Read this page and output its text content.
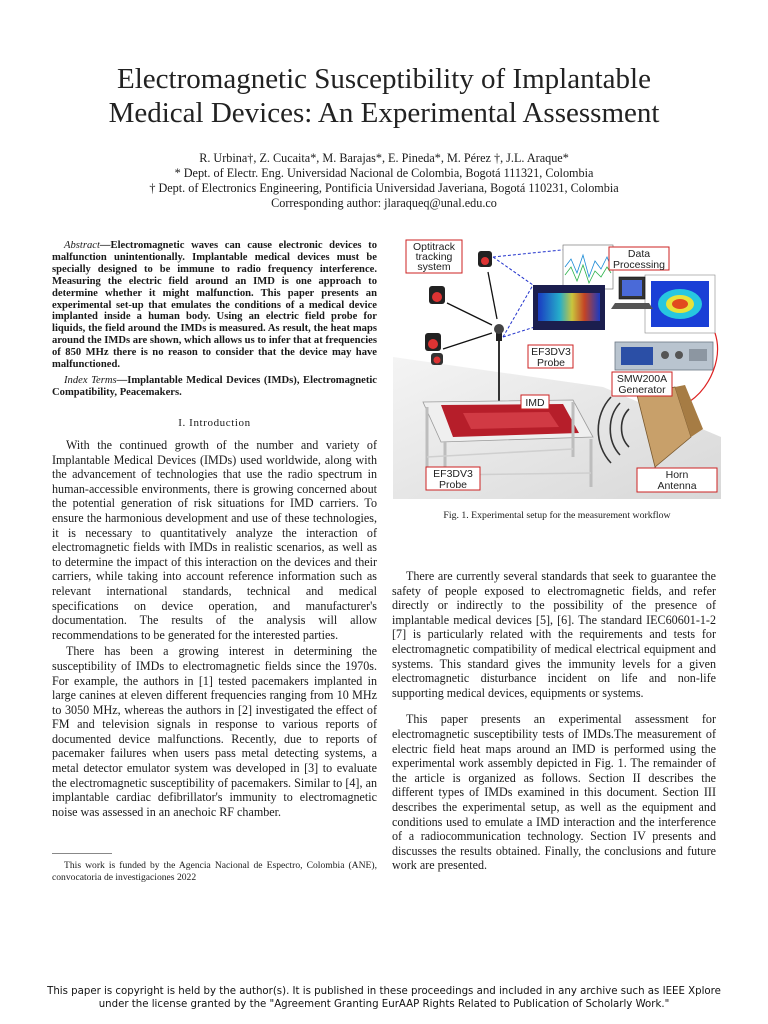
Electromagnetic Susceptibility of Implantable
Medical Devices: An Experimental Assessment
R. Urbina†, Z. Cucaita*, M. Barajas*, E. Pineda*, M. Pérez †, J.L. Araque*
* Dept. of Electr. Eng. Universidad Nacional de Colombia, Bogotá 111321, Colombia
† Dept. of Electronics Engineering, Pontificia Universidad Javeriana, Bogotá 110231, Colombia
Corresponding author: jlaraqueq@unal.edu.co
Abstract—Electromagnetic waves can cause electronic devices to malfunction unintentionally. Implantable medical devices must be specially designed to be immune to radio frequency interference. Measuring the electric field around an IMD is one approach to determine whether it might malfunction. This paper presents an experimental set-up that emulates the conditions of a medical device implanted inside a human body. Using an electric field probe for liquids, the field around the IMDs is measured. As result, the heat maps around the IMDs are shown, which allows us to infer that at frequencies of 850 MHz there is no reason to consider that the device may have malfunctioned.
Index Terms—Implantable Medical Devices (IMDs), Electromagnetic Compatibility, Peacemakers.
I. Introduction

With the continued growth of the number and variety of Implantable Medical Devices (IMDs) used worldwide, along with the advancement of technologies that use the radio spectrum in human-accessible environments, there is growing concerned about the potential generation of risk situations for IMD carriers. To ensure the harmonious development and use of these technologies, it is necessary to quantitatively analyze the interaction of electromagnetic fields with IMDs in realistic scenarios, as well as to determine the impact of this interaction on the devices and their carriers, while taking into account reference information such as relevant international standards, technical and medical specifications on device operation, and manufacturer's documentation. The results of the analysis will allow recommendations to be generated for the interested parties.

There has been a growing interest in determining the susceptibility of IMDs to electromagnetic fields since the 1970s. For example, the authors in [1] tested pacemakers implanted in large canines at eleven different frequencies ranging from 10 MHz to 3050 MHz, whereas the authors in [2] investigated the effect of FM and television signals in response to various reports of documented device malfunctions. Recently, due to reports of pacemaker failures when users pass metal detecting systems, a metal detector emulator system was developed in [3] to evaluate the electromagnetic susceptibility of pacemakers. Similar to [4], an implantable cardiac defibrillator's immunity to electromagnetic noise was assessed in an anechoic RF chamber.

This work is funded by the Agencia Nacional de Espectro, Colombia (ANE), convocatoria de investigaciones 2022
Optitrack
tracking
system
Data
Processing
EF3DV3
Probe
SMW200A
Generator
IMD
EF3DV3
Probe
Horn
Antenna
Fig. 1. Experimental setup for the measurement workflow

There are currently several standards that seek to guarantee the safety of people exposed to electromagnetic fields, and refer directly or indirectly to the possibility of the presence of implantable medical devices [5], [6]. The standard IEC60601-1-2 [7] is particularly related with the requirements and tests for electromagnetic compatibility of medical electrical equipment and systems. This standard gives the immunity levels for a given electromagnetic disturbance incident on life and non-life supporting medical devices, equipments or systems.

This paper presents an experimental assessment for electromagnetic susceptibility tests of IMDs.The measurement of electric field heat maps around an IMD is performed using the experimental work assembly depicted in Fig. 1. The remainder of the article is organized as follows. Section II describes the different types of IMDs examined in this document. Section III describes the experimental setup, as well as the equipment and conditions used to emulate a IMD interaction and the interference of a radiocommunication technology. Section IV presents and discusses the results obtained. Finally, the conclusions and future work are presented.

This paper is copyright is held by the author(s). It is published in these proceedings and included in any archive such as IEEE Xplore
under the license granted by the "Agreement Granting EurAAP Rights Related to Publication of Scholarly Work."
